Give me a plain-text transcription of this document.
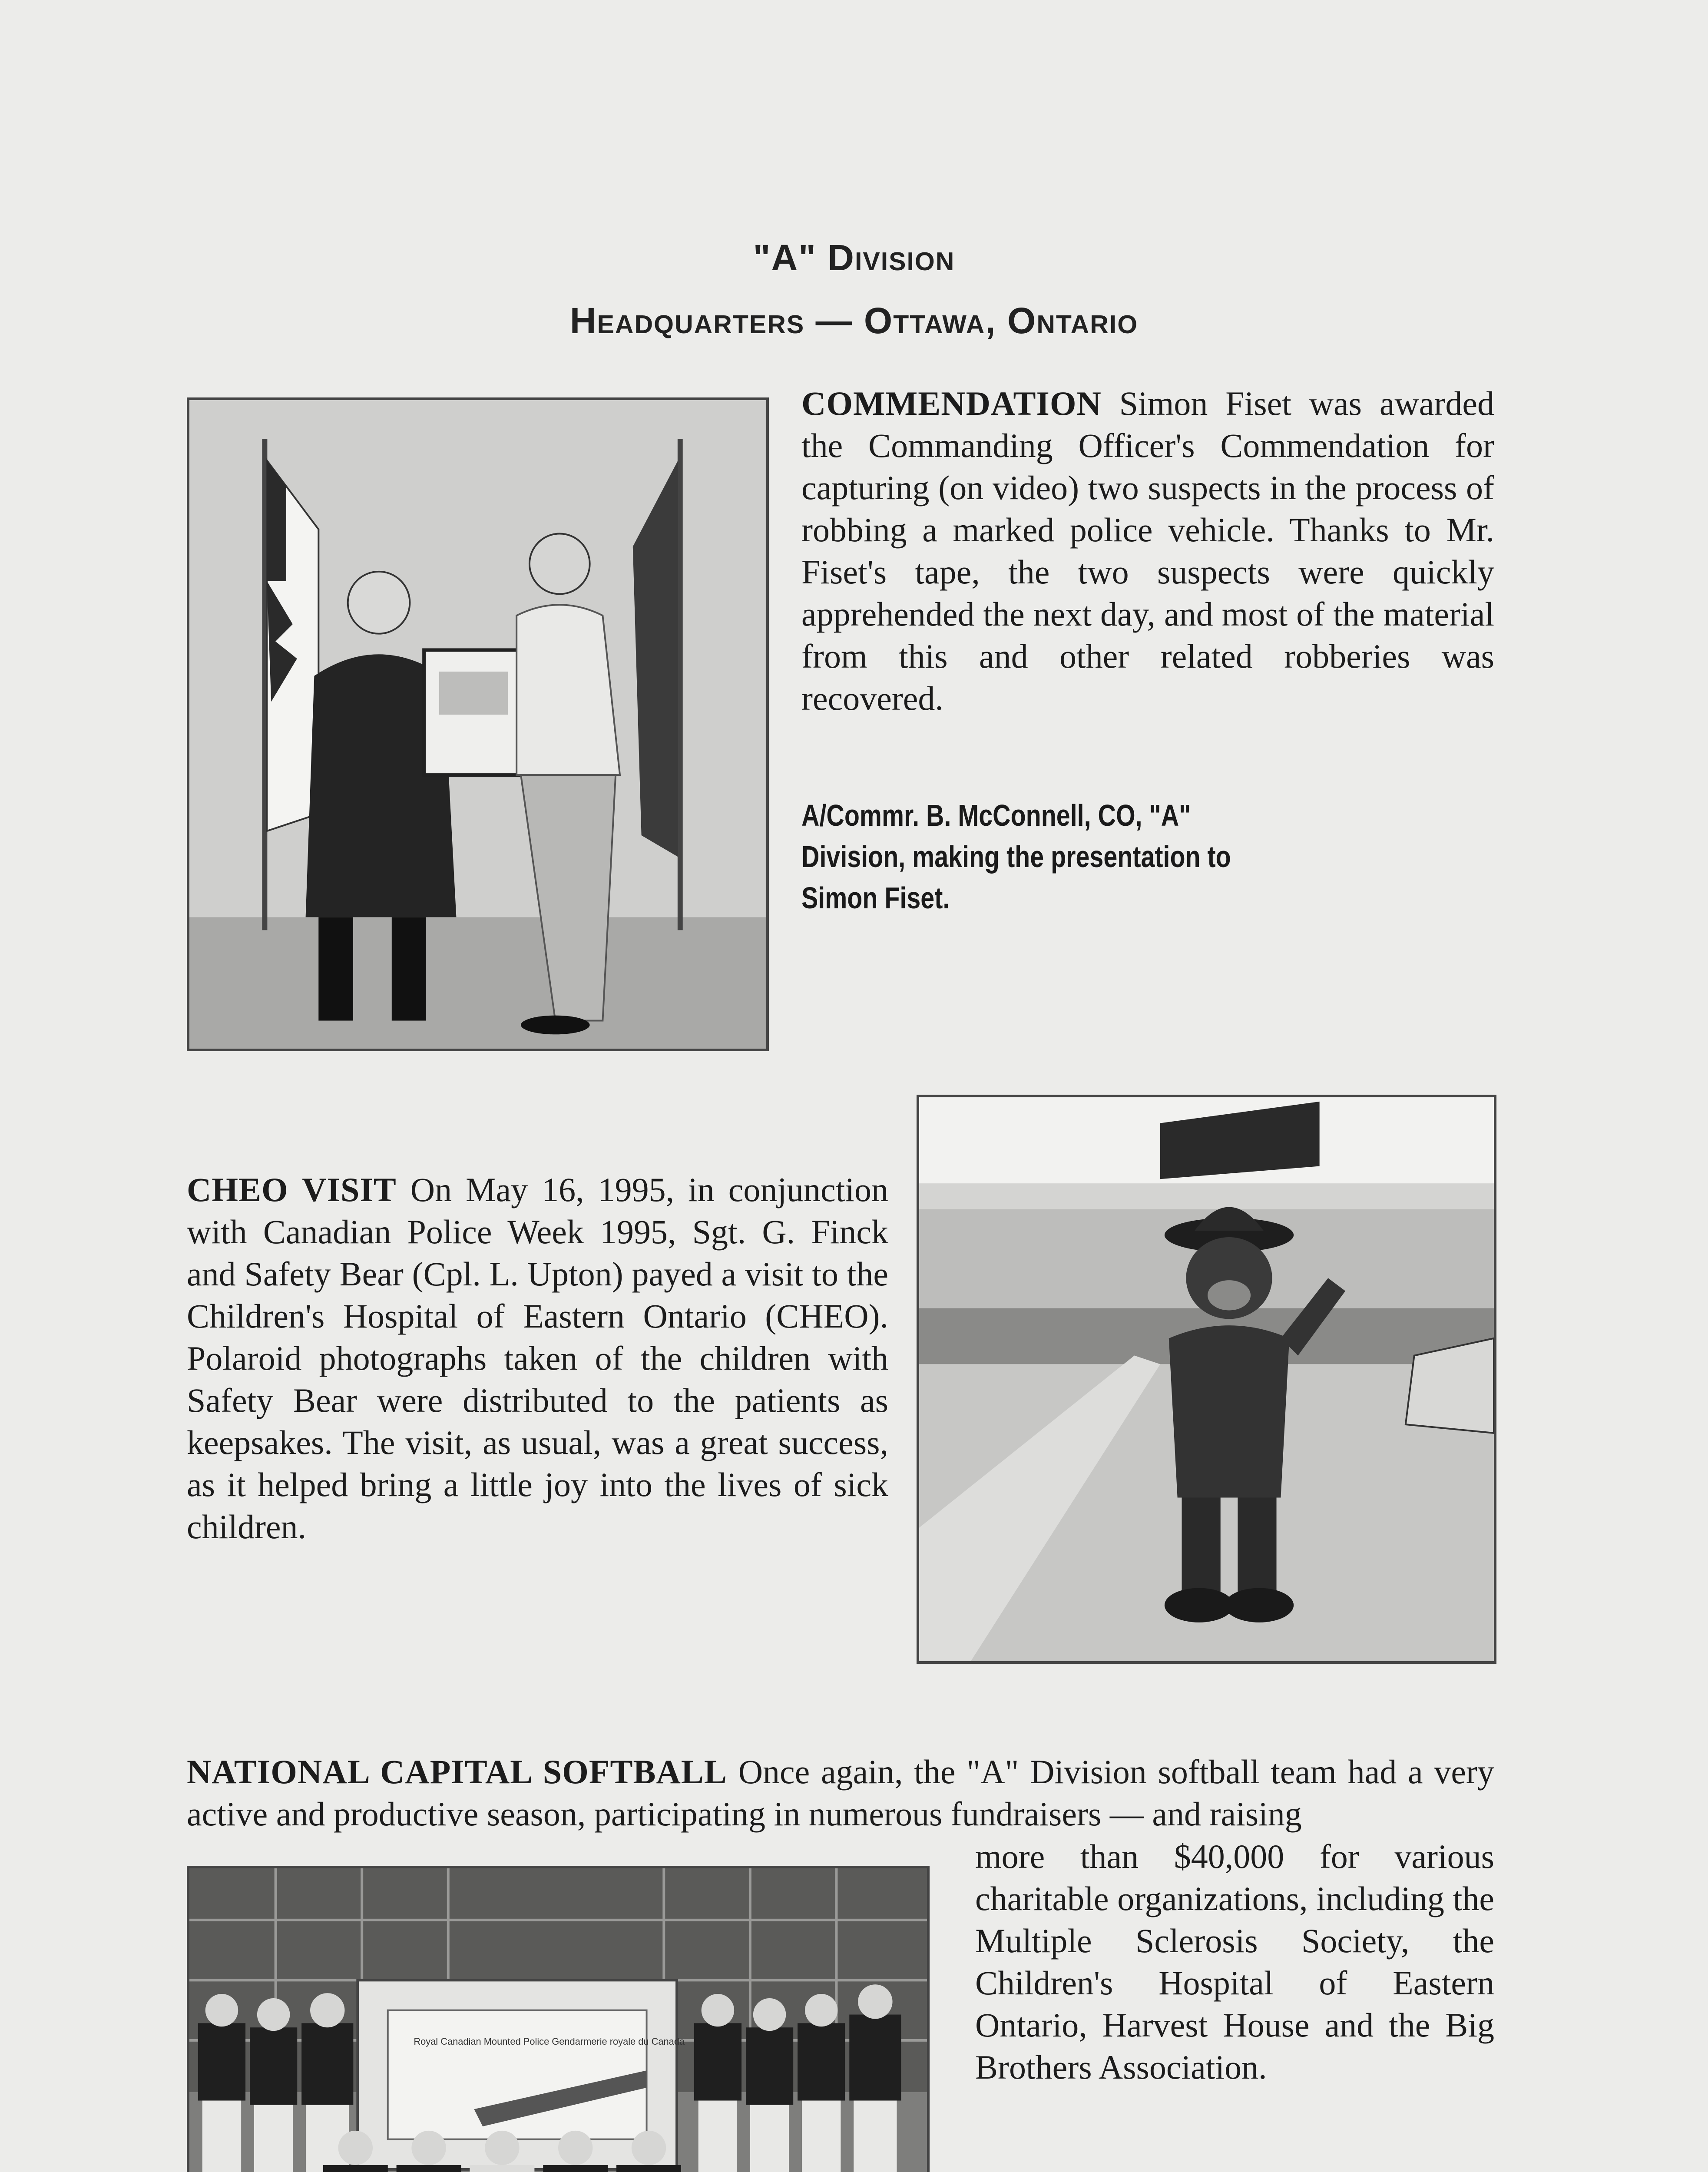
"A" Division
Headquarters — Ottawa, Ontario
COMMENDATION Simon Fiset was awarded the Commanding Officer's Commendation for capturing (on video) two suspects in the process of robbing a marked police vehicle. Thanks to Mr. Fiset's tape, the two suspects were quickly apprehended the next day, and most of the material from this and other related robberies was recovered.
A/Commr. B. McConnell, CO, "A" Division, making the presentation to Simon Fiset.
CHEO VISIT On May 16, 1995, in conjunction with Canadian Police Week 1995, Sgt. G. Finck and Safety Bear (Cpl. L. Upton) payed a visit to the Children's Hospital of Eastern Ontario (CHEO). Polaroid photographs taken of the children with Safety Bear were distributed to the patients as keepsakes. The visit, as usual, was a great success, as it helped bring a little joy into the lives of sick children.
NATIONAL CAPITAL SOFTBALL Once again, the "A" Division softball team had a very active and productive season, participating in numerous fundraisers — and raising
Royal Canadian Mounted Police Gendarmerie royale du Canada
more than $40,000 for various charitable organizations, including the Multiple Sclerosis Society, the Children's Hospital of Eastern Ontario, Harvest House and the Big Brothers Association.
